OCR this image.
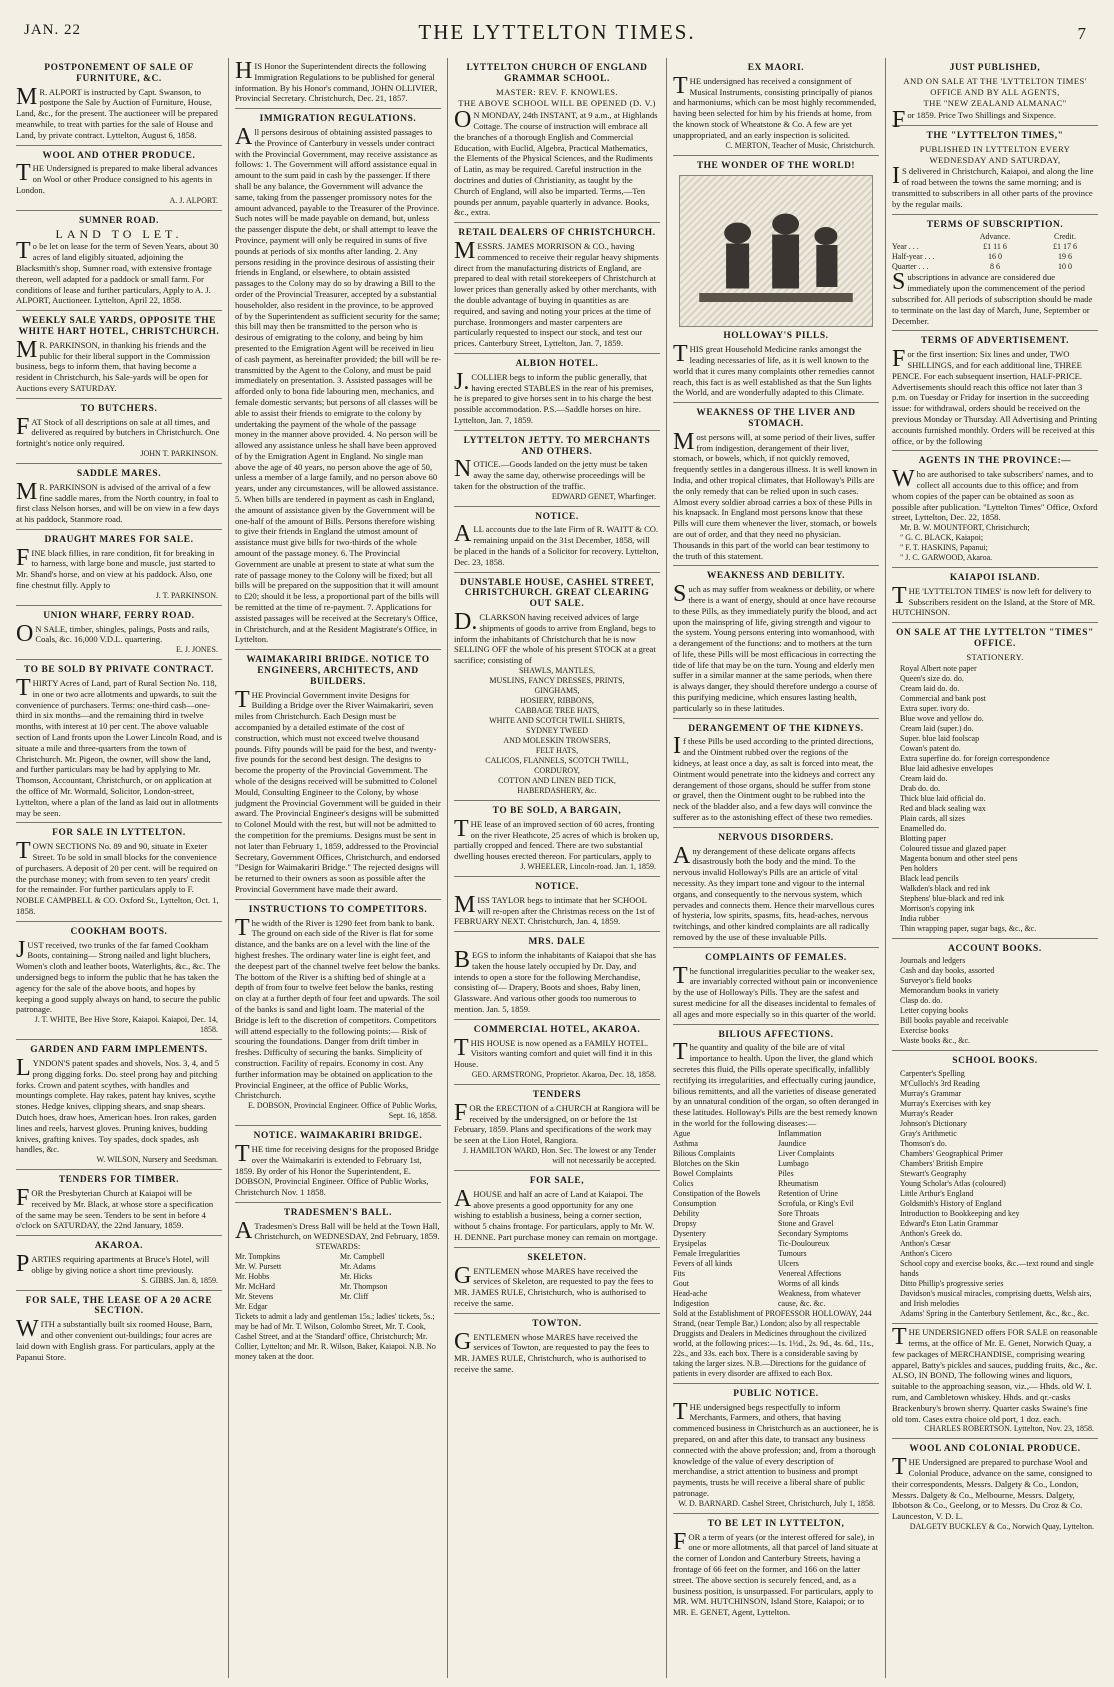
JAN. 22	THE LYTTELTON TIMES.	7
POSTPONEMENT OF SALE OF FURNITURE, &C.
MR. ALPORT is instructed by Capt. Swanson, to postpone the Sale by Auction of Furniture, House, Land, &c., for the present. The auctioneer will be prepared meanwhile, to treat with parties for the sale of House and Land, by private contract. Lyttelton, August 6, 1858.
WOOL AND OTHER PRODUCE.
THE Undersigned is prepared to make liberal advances on Wool or other Produce consigned to his agents in London.
A. J. ALPORT.
SUMNER ROAD.
LAND TO LET.
To be let on lease for the term of Seven Years, about 30 acres of land eligibly situated, adjoining the Blacksmith's shop, Sumner road, with extensive frontage thereon, well adapted for a paddock or small farm. For conditions of lease and further particulars, Apply to A. J. ALPORT, Auctioneer. Lyttelton, April 22, 1858.
WEEKLY SALE YARDS, OPPOSITE THE WHITE HART HOTEL, CHRISTCHURCH.
MR. PARKINSON, in thanking his friends and the public for their liberal support in the Commission business, begs to inform them, that having become a resident in Christchurch, his Sale-yards will be open for Auctions every SATURDAY.
TO BUTCHERS.
FAT Stock of all descriptions on sale at all times, and delivered as required by butchers in Christchurch. One fortnight's notice only required.
JOHN T. PARKINSON.
SADDLE MARES.
MR. PARKINSON is advised of the arrival of a few fine saddle mares, from the North country, in foal to first class Nelson horses, and will be on view in a few days at his paddock, Stanmore road.
DRAUGHT MARES FOR SALE.
FINE black fillies, in rare condition, fit for breaking in to harness, with large bone and muscle, just started to Mr. Shand's horse, and on view at his paddock. Also, one fine chestnut filly. Apply to
J. T. PARKINSON.
UNION WHARF, FERRY ROAD.
ON SALE, timber, shingles, palings, Posts and rails, Coals, &c. 16,000 V.D.L. quartering.
E. J. JONES.
TO BE SOLD BY PRIVATE CONTRACT.
THIRTY Acres of Land, part of Rural Section No. 118, in one or two acre allotments and upwards, to suit the convenience of purchasers. Terms: one-third cash—one-third in six months—and the remaining third in twelve months, with interest at 10 per cent. The above valuable section of Land fronts upon the Lower Lincoln Road, and is situate a mile and three-quarters from the town of Christchurch. Mr. Pigeon, the owner, will show the land, and further particulars may be had by applying to Mr. Thomson, Accountant, Christchurch, or on application at the office of Mr. Wormald, Solicitor, London-street, Lyttelton, where a plan of the land as laid out in allotments may be seen.
FOR SALE IN LYTTELTON.
TOWN SECTIONS No. 89 and 90, situate in Exeter Street. To be sold in small blocks for the convenience of purchasers. A deposit of 20 per cent. will be required on the purchase money; with from seven to ten years' credit for the remainder. For further particulars apply to F. NOBLE CAMPBELL & CO. Oxford St., Lyttelton, Oct. 1, 1858.
COOKHAM BOOTS.
JUST received, two trunks of the far famed Cookham Boots, containing— Strong nailed and light bluchers, Women's cloth and leather boots, Waterlights, &c., &c. The undersigned begs to inform the public that he has taken the agency for the sale of the above boots, and hopes by keeping a good supply always on hand, to secure the public patronage.
J. T. WHITE, Bee Hive Store, Kaiapoi. Kaiapoi, Dec. 14, 1858.
GARDEN AND FARM IMPLEMENTS.
LYNDON'S patent spades and shovels, Nos. 3, 4, and 5 prong digging forks. Do. steel prong hay and pitching forks. Crown and patent scythes, with handles and mountings complete. Hay rakes, patent hay knives, scythe stones. Hedge knives, clipping shears, and snap shears. Dutch hoes, draw hoes, American hoes. Iron rakes, garden lines and reels, harvest gloves. Pruning knives, budding knives, grafting knives. Toy spades, dock spades, ash handles, &c.
W. WILSON, Nursery and Seedsman.
TENDERS FOR TIMBER.
FOR the Presbyterian Church at Kaiapoi will be received by Mr. Black, at whose store a specification of the same may be seen. Tenders to be sent in before 4 o'clock on SATURDAY, the 22nd January, 1859.
AKAROA.
PARTIES requiring apartments at Bruce's Hotel, will oblige by giving notice a short time previously.
S. GIBBS. Jan. 8, 1859.
FOR SALE, THE LEASE OF A 20 ACRE SECTION.
WITH a substantially built six roomed House, Barn, and other convenient out-buildings; four acres are laid down with English grass. For particulars, apply at the Papanui Store.
HIS Honor the Superintendent directs the following Immigration Regulations to be published for general information. By his Honor's command, JOHN OLLIVIER, Provincial Secretary. Christchurch, Dec. 21, 1857.
IMMIGRATION REGULATIONS.
All persons desirous of obtaining assisted passages to the Province of Canterbury in vessels under contract with the Provincial Government, may receive assistance as follows: 1. The Government will afford assistance equal in amount to the sum paid in cash by the passenger. If there shall be any balance, the Government will advance the same, taking from the passenger promissory notes for the amount advanced, payable to the Treasurer of the Province. Such notes will be made payable on demand, but, unless the passenger dispute the debt, or shall attempt to leave the Province, payment will only be required in sums of five pounds at periods of six months after landing. 2. Any persons residing in the province desirous of assisting their friends in England, or elsewhere, to obtain assisted passages to the Colony may do so by drawing a Bill to the order of the Provincial Treasurer, accepted by a substantial householder, also resident in the province, to be approved of by the Superintendent as sufficient security for the same; this bill may then be transmitted to the person who is desirous of emigrating to the colony, and being by him presented to the Emigration Agent will be received in lieu of cash payment, as hereinafter provided; the bill will be re-transmitted by the Agent to the Colony, and must be paid immediately on presentation. 3. Assisted passages will be afforded only to bona fide labouring men, mechanics, and female domestic servants; but persons of all classes will be able to assist their friends to emigrate to the colony by undertaking the payment of the whole of the passage money in the manner above provided. 4. No person will be allowed any assistance unless he shall have been approved of by the Emigration Agent in England. No single man above the age of 40 years, no person above the age of 50, unless a member of a large family, and no person above 60 years, under any circumstances, will be allowed assistance. 5. When bills are tendered in payment as cash in England, the amount of assistance given by the Government will be one-half of the amount of Bills. Persons therefore wishing to give their friends in England the utmost amount of assistance must give bills for two-thirds of the whole amount of the passage money. 6. The Provincial Government are unable at present to state at what sum the rate of passage money to the Colony will be fixed; but all bills will be prepared on the supposition that it will amount to £20; should it be less, a proportional part of the bills will be remitted at the time of re-payment. 7. Applications for assisted passages will be received at the Secretary's Office, in Christchurch, and at the Resident Magistrate's Office, in Lyttelton.
WAIMAKARIRI BRIDGE. NOTICE TO ENGINEERS, ARCHITECTS, AND BUILDERS.
THE Provincial Government invite Designs for Building a Bridge over the River Waimakariri, seven miles from Christchurch. Each Design must be accompanied by a detailed estimate of the cost of construction, which must not exceed twelve thousand pounds. Fifty pounds will be paid for the best, and twenty-five pounds for the second best design. The designs to become the property of the Provincial Government. The whole of the designs received will be submitted to Colonel Mould, Consulting Engineer to the Colony, by whose judgment the Provincial Government will be guided in their award. The Provincial Engineer's designs will be submitted to Colonel Mould with the rest, but will not be admitted to the competition for the premiums. Designs must be sent in not later than February 1, 1859, addressed to the Provincial Secretary, Government Offices, Christchurch, and endorsed "Design for Waimakariri Bridge." The rejected designs will be returned to their owners as soon as possible after the Provincial Government have made their award.
INSTRUCTIONS TO COMPETITORS.
The width of the River is 1290 feet from bank to bank. The ground on each side of the River is flat for some distance, and the banks are on a level with the line of the highest freshes. The ordinary water line is eight feet, and the deepest part of the channel twelve feet below the banks. The bottom of the River is a shifting bed of shingle at a depth of from four to twelve feet below the banks, resting on clay at a further depth of four feet and upwards. The soil of the banks is sand and light loam. The material of the Bridge is left to the discretion of competitors. Competitors will attend especially to the following points:— Risk of scouring the foundations. Danger from drift timber in freshes. Difficulty of securing the banks. Simplicity of construction. Facility of repairs. Economy in cost. Any further information may be obtained on application to the Provincial Engineer, at the office of Public Works, Christchurch.
E. DOBSON, Provincial Engineer. Office of Public Works, Sept. 16, 1858.
NOTICE. WAIMAKARIRI BRIDGE.
THE time for receiving designs for the proposed Bridge over the Waimakariri is extended to February 1st, 1859. By order of his Honor the Superintendent, E. DOBSON, Provincial Engineer. Office of Public Works, Christchurch Nov. 1 1858.
TRADESMEN'S BALL.
ATradesmen's Dress Ball will be held at the Town Hall, Christchurch, on WEDNESDAY, 2nd February, 1859.
STEWARDS:
Mr. Tompkins
Mr. W. Pursett
Mr. Hobbs
Mr. McHard
Mr. Stevens
Mr. Edgar
Mr. Campbell
Mr. Adams
Mr. Hicks
Mr. Thompson
Mr. Cliff
Tickets to admit a lady and gentleman 15s.; ladies' tickets, 5s.; may be had of Mr. T. Wilson, Colombo Street, Mr. T. Cook, Cashel Street, and at the 'Standard' office, Christchurch; Mr. Collier, Lyttelton; and Mr. R. Wilson, Baker, Kaiapoi. N.B. No money taken at the door.
LYTTELTON CHURCH OF ENGLAND GRAMMAR SCHOOL.
MASTER: REV. F. KNOWLES.
THE ABOVE SCHOOL WILL BE OPENED (D. V.)
ON MONDAY, 24th INSTANT, at 9 a.m., at Highlands Cottage. The course of instruction will embrace all the branches of a thorough English and Commercial Education, with Euclid, Algebra, Practical Mathematics, the Elements of the Physical Sciences, and the Rudiments of Latin, as may be required. Careful instruction in the doctrines and duties of Christianity, as taught by the Church of England, will also be imparted. Terms,—Ten pounds per annum, payable quarterly in advance. Books, &c., extra.
RETAIL DEALERS OF CHRISTCHURCH.
MESSRS. JAMES MORRISON & CO., having commenced to receive their regular heavy shipments direct from the manufacturing districts of England, are prepared to deal with retail storekeepers of Christchurch at lower prices than generally asked by other merchants, with the double advantage of buying in quantities as are required, and saving and noting your prices at the time of purchase. Ironmongers and master carpenters are particularly requested to inspect our stock, and test our prices. Canterbury Street, Lyttelton, Jan. 7, 1859.
ALBION HOTEL.
J.COLLIER begs to inform the public generally, that having erected STABLES in the rear of his premises, he is prepared to give horses sent in to his charge the best possible accommodation. P.S.—Saddle horses on hire. Lyttelton, Jan. 7, 1859.
LYTTELTON JETTY. TO MERCHANTS AND OTHERS.
NOTICE.—Goods landed on the jetty must be taken away the same day, otherwise proceedings will be taken for the obstruction of the traffic.
EDWARD GENET, Wharfinger.
NOTICE.
ALL accounts due to the late Firm of R. WAITT & CO. remaining unpaid on the 31st December, 1858, will be placed in the hands of a Solicitor for recovery. Lyttelton, Dec. 23, 1858.
DUNSTABLE HOUSE, CASHEL STREET, CHRISTCHURCH. GREAT CLEARING OUT SALE.
D.CLARKSON having received advices of large shipments of goods to arrive from England, begs to inform the inhabitants of Christchurch that he is now SELLING OFF the whole of his present STOCK at a great sacrifice; consisting of
SHAWLS, MANTLES,
MUSLINS, FANCY DRESSES, PRINTS,
GINGHAMS,
HOSIERY, RIBBONS,
CABBAGE TREE HATS,
WHITE AND SCOTCH TWILL SHIRTS,
SYDNEY TWEED
AND MOLESKIN TROWSERS,
FELT HATS,
CALICOS, FLANNELS, SCOTCH TWILL,
CORDUROY,
COTTON AND LINEN BED TICK,
HABERDASHERY, &c.
TO BE SOLD, A BARGAIN,
THE lease of an improved section of 60 acres, fronting on the river Heathcote, 25 acres of which is broken up, partially cropped and fenced. There are two substantial dwelling houses erected thereon. For particulars, apply to
J. WHEELER, Lincoln-road. Jan. 1, 1859.
NOTICE.
MISS TAYLOR begs to intimate that her SCHOOL will re-open after the Christmas recess on the 1st of FEBRUARY NEXT. Christchurch, Jan. 4, 1859.
MRS. DALE
BEGS to inform the inhabitants of Kaiapoi that she has taken the house lately occupied by Dr. Day, and intends to open a store for the following Merchandise, consisting of— Drapery, Boots and shoes, Baby linen, Glassware. And various other goods too numerous to mention. Jan. 5, 1859.
COMMERCIAL HOTEL, AKAROA.
THIS HOUSE is now opened as a FAMILY HOTEL. Visitors wanting comfort and quiet will find it in this House.
GEO. ARMSTRONG, Proprietor. Akaroa, Dec. 18, 1858.
TENDERS
FOR the ERECTION of a CHURCH at Rangiora will be received by the undersigned, on or before the 1st February, 1859. Plans and specifications of the work may be seen at the Lion Hotel, Rangiora.
J. HAMILTON WARD, Hon. Sec. The lowest or any Tender will not necessarily be accepted.
FOR SALE,
AHOUSE and half an acre of Land at Kaiapoi. The above presents a good opportunity for any one wishing to establish a business, being a corner section, without 5 chains frontage. For particulars, apply to Mr. W. H. DENNE. Part purchase money can remain on mortgage.
SKELETON.
GENTLEMEN whose MARES have received the services of Skeleton, are requested to pay the fees to MR. JAMES RULE, Christchurch, who is authorised to receive the same.
TOWTON.
GENTLEMEN whose MARES have received the services of Towton, are requested to pay the fees to MR. JAMES RULE, Christchurch, who is authorised to receive the same.
EX MAORI.
THE undersigned has received a consignment of Musical Instruments, consisting principally of pianos and harmoniums, which can be most highly recommended, having been selected for him by his friends at home, from the known stock of Wheatstone & Co. A few are yet unappropriated, and an early inspection is solicited.
C. MERTON, Teacher of Music, Christchurch.
THE WONDER OF THE WORLD!
HOLLOWAY'S PILLS.
THIS great Household Medicine ranks amongst the leading necessaries of life, as it is well known to the world that it cures many complaints other remedies cannot reach, this fact is as well established as that the Sun lights the World, and are wonderfully adapted to this Climate.
WEAKNESS OF THE LIVER AND STOMACH.
Most persons will, at some period of their lives, suffer from indigestion, derangement of their liver, stomach, or bowels, which, if not quickly removed, frequently settles in a dangerous illness. It is well known in India, and other tropical climates, that Holloway's Pills are the only remedy that can be relied upon in such cases. Almost every soldier abroad carries a box of these Pills in his knapsack. In England most persons know that these Pills will cure them whenever the liver, stomach, or bowels are out of order, and that they need no physician. Thousands in this part of the world can bear testimony to the truth of this statement.
WEAKNESS AND DEBILITY.
Such as may suffer from weakness or debility, or where there is a want of energy, should at once have recourse to these Pills, as they immediately purify the blood, and act upon the mainspring of life, giving strength and vigour to the system. Young persons entering into womanhood, with a derangement of the functions: and to mothers at the turn of life, these Pills will be most efficacious in correcting the tide of life that may be on the turn. Young and elderly men suffer in a similar manner at the same periods, when there is always danger, they should therefore undergo a course of this purifying medicine, which ensures lasting health, particularly so in these latitudes.
DERANGEMENT OF THE KIDNEYS.
If these Pills be used according to the printed directions, and the Ointment rubbed over the regions of the kidneys, at least once a day, as salt is forced into meat, the Ointment would penetrate into the kidneys and correct any derangement of those organs, should be suffer from stone or gravel, then the Ointment ought to be rubbed into the neck of the bladder also, and a few days will convince the sufferer as to the astonishing effect of these two remedies.
NERVOUS DISORDERS.
Any derangement of these delicate organs affects disastrously both the body and the mind. To the nervous invalid Holloway's Pills are an article of vital necessity. As they impart tone and vigour to the internal organs, and consequently to the nervous system, which pervades and connects them. Hence their marvellous cures of hysteria, low spirits, spasms, fits, head-aches, nervous twitchings, and other kindred complaints are all radically removed by the use of these invaluable Pills.
COMPLAINTS OF FEMALES.
The functional irregularities peculiar to the weaker sex, are invariably corrected without pain or inconvenience by the use of Holloway's Pills. They are the safest and surest medicine for all the diseases incidental to females of all ages and more especially so in this quarter of the world.
BILIOUS AFFECTIONS.
The quantity and quality of the bile are of vital importance to health. Upon the liver, the gland which secretes this fluid, the Pills operate specifically, infallibly rectifying its irregularities, and effectually curing jaundice, bilious remittents, and all the varieties of disease generated by an unnatural condition of the organ, so often deranged in these latitudes. Holloway's Pills are the best remedy known in the world for the following diseases:—
Ague
Asthma
Bilious Complaints
Blotches on the Skin
Bowel Complaints
Colics
Constipation of the Bowels
Consumption
Debility
Dropsy
Dysentery
Erysipelas
Female Irregularities
Fevers of all kinds
Fits
Gout
Head-ache
Indigestion
Inflammation
Jaundice
Liver Complaints
Lumbago
Piles
Rheumatism
Retention of Urine
Scrofula, or King's Evil
Sore Throats
Stone and Gravel
Secondary Symptoms
Tic-Douloureux
Tumours
Ulcers
Venereal Affections
Worms of all kinds
Weakness, from whatever cause, &c. &c.
Sold at the Establishment of PROFESSOR HOLLOWAY, 244 Strand, (near Temple Bar,) London; also by all respectable Druggists and Dealers in Medicines throughout the civilized world, at the following prices:—1s. 1½d., 2s. 9d., 4s. 6d., 11s., 22s., and 33s. each box. There is a considerable saving by taking the larger sizes. N.B.—Directions for the guidance of patients in every disorder are affixed to each Box.
PUBLIC NOTICE.
THE undersigned begs respectfully to inform Merchants, Farmers, and others, that having commenced business in Christchurch as an auctioneer, he is prepared, on and after this date, to transact any business connected with the above profession; and, from a thorough knowledge of the value of every description of merchandise, a strict attention to business and prompt payments, trusts he will receive a liberal share of public patronage.
W. D. BARNARD. Cashel Street, Christchurch, July 1, 1858.
TO BE LET IN LYTTELTON,
FOR a term of years (or the interest offered for sale), in one or more allotments, all that parcel of land situate at the corner of London and Canterbury Streets, having a frontage of 66 feet on the former, and 166 on the latter street. The above section is securely fenced, and, as a business position, is unsurpassed. For particulars, apply to MR. WM. HUTCHINSON, Island Store, Kaiapoi; or to MR. E. GENET, Agent, Lyttelton.
JUST PUBLISHED,
AND ON SALE AT THE 'LYTTELTON TIMES' OFFICE AND BY ALL AGENTS,
THE "NEW ZEALAND ALMANAC"
For 1859. Price Two Shillings and Sixpence.
THE "LYTTELTON TIMES,"
PUBLISHED IN LYTTELTON EVERY WEDNESDAY AND SATURDAY,
IS delivered in Christchurch, Kaiapoi, and along the line of road between the towns the same morning; and is transmitted to subscribers in all other parts of the province by the regular mails.
TERMS OF SUBSCRIPTION.
Advance.	Credit.
Year . . .	£1 11 6	£1 17 6
Half-year . . .	16 0	19 6
Quarter . . .	8 6	10 0
Subscriptions in advance are considered due immediately upon the commencement of the period subscribed for. All periods of subscription should be made to terminate on the last day of March, June, September or December.
TERMS OF ADVERTISEMENT.
For the first insertion: Six lines and under, TWO SHILLINGS, and for each additional line, THREE PENCE. For each subsequent insertion, HALF-PRICE. Advertisements should reach this office not later than 3 p.m. on Tuesday or Friday for insertion in the succeeding issue: for withdrawal, orders should be received on the previous Monday or Thursday. All Advertising and Printing accounts furnished monthly. Orders will be received at this office, or by the following
AGENTS IN THE PROVINCE:—
Who are authorised to take subscribers' names, and to collect all accounts due to this office; and from whom copies of the paper can be obtained as soon as possible after publication. "Lyttelton Times" Office, Oxford street, Lyttelton, Dec. 22, 1858.
Mr. B. W. MOUNTFORT, Christchurch;
" G. C. BLACK, Kaiapoi;
" F. T. HASKINS, Papanui;
" J. C. GARWOOD, Akaroa.
KAIAPOI ISLAND.
THE 'LYTTELTON TIMES' is now left for delivery to Subscribers resident on the Island, at the Store of MR. HUTCHINSON.
ON SALE AT THE LYTTELTON "TIMES" OFFICE.
STATIONERY.
Royal Albert note paper
Queen's size do. do.
Cream laid do. do.
Commercial and bank post
Extra super. ivory do.
Blue wove and yellow do.
Cream laid (super.) do.
Super. blue laid foolscap
Cowan's patent do.
Extra superfine do. for foreign correspondence
Blue laid adhesive envelopes
Cream laid do.
Drab do. do.
Thick blue laid official do.
Red and black sealing wax
Plain cards, all sizes
Enamelled do.
Blotting paper
Coloured tissue and glazed paper
Magenta bonum and other steel pens
Pen holders
Black lead pencils
Walkden's black and red ink
Stephens' blue-black and red ink
Morrison's copying ink
India rubber
Thin wrapping paper, sugar bags, &c., &c.
ACCOUNT BOOKS.
Journals and ledgers
Cash and day books, assorted
Surveyor's field books
Memorandum books in variety
Clasp do. do.
Letter copying books
Bill books payable and receivable
Exercise books
Waste books &c., &c.
SCHOOL BOOKS.
Carpenter's Spelling
M'Culloch's 3rd Reading
Murray's Grammar
Murray's Exercises with key
Murray's Reader
Johnson's Dictionary
Gray's Arithmetic
Thomson's do.
Chambers' Geographical Primer
Chambers' British Empire
Stewart's Geography
Young Scholar's Atlas (coloured)
Little Arthur's England
Goldsmith's History of England
Introduction to Bookkeeping and key
Edward's Eton Latin Grammar
Anthon's Greek do.
Anthon's Cæsar
Anthon's Cicero
School copy and exercise books, &c.—text round and single hands
Ditto Phillip's progressive series
Davidson's musical miracles, comprising duetts, Welsh airs, and Irish melodies
Adams' Spring in the Canterbury Settlement, &c., &c., &c.
THE UNDERSIGNED offers FOR SALE on reasonable terms, at the office of Mr. E. Genet, Norwich Quay, a few packages of MERCHANDISE, comprising wearing apparel, Batty's pickles and sauces, pudding fruits, &c., &c. ALSO, IN BOND, The following wines and liquors, suitable to the approaching season, viz.,— Hhds. old W. I. rum, and Cambletown whiskey. Hhds. and qr.-casks Brackenbury's brown sherry. Quarter casks Swaine's fine old tom. Cases extra choice old port, 1 doz. each.
CHARLES ROBERTSON. Lyttelton, Nov. 23, 1858.
WOOL AND COLONIAL PRODUCE.
THE Undersigned are prepared to purchase Wool and Colonial Produce, advance on the same, consigned to their correspondents, Messrs. Dalgety & Co., London, Messrs. Dalgety & Co., Melbourne, Messrs. Dalgety, Ibbotson & Co., Geelong, or to Messrs. Du Croz & Co. Launceston, V. D. L.
DALGETY BUCKLEY & Co., Norwich Quay, Lyttelton.
